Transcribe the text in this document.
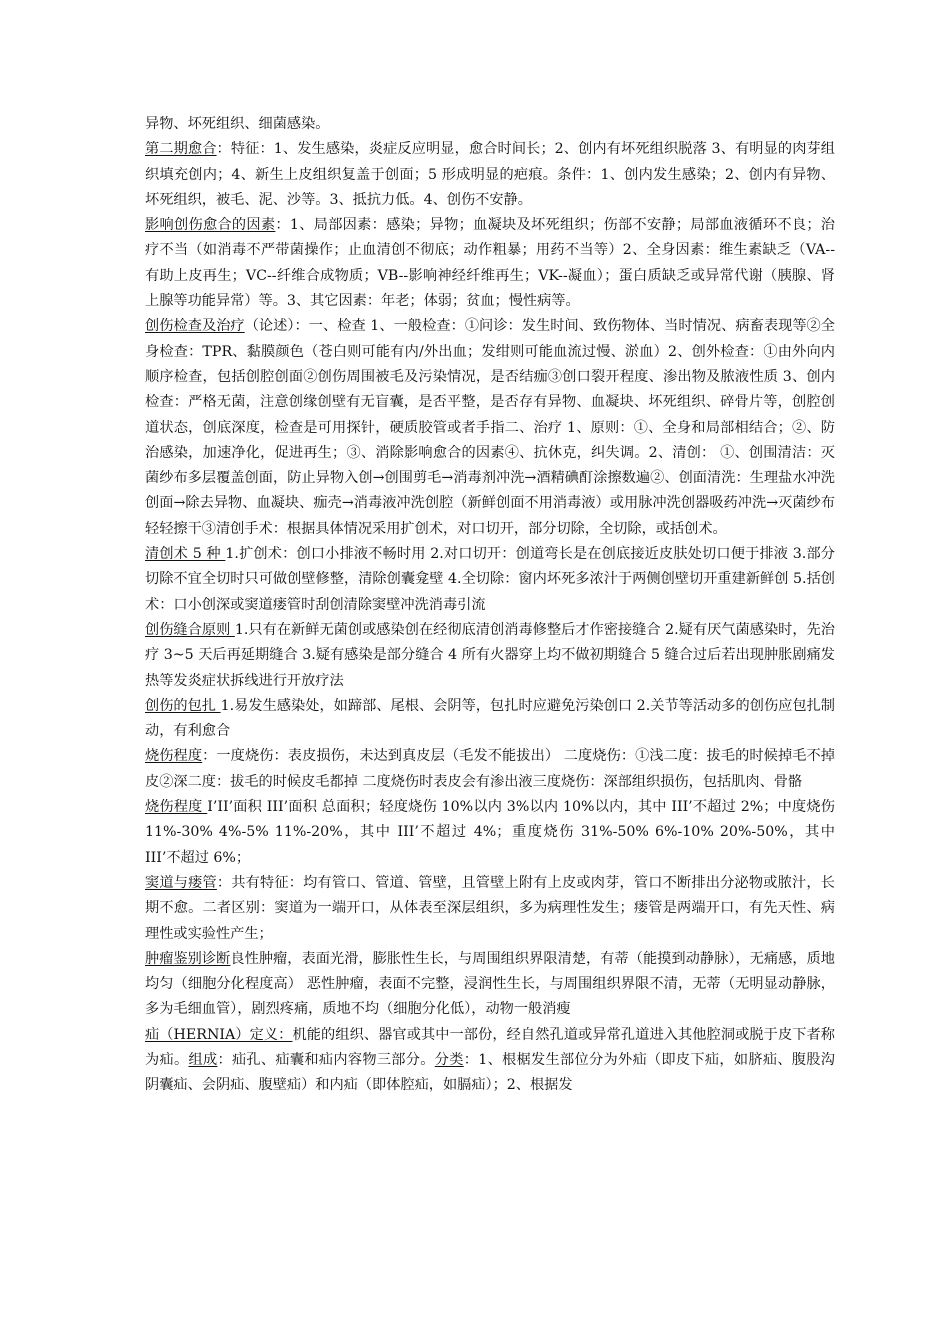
异物、坏死组织、细菌感染。

第二期愈合：特征：1、发生感染，炎症反应明显，愈合时间长；2、创内有坏死组织脱落 3、有明显的肉芽组织填充创内；4、新生上皮组织复盖于创面；5 形成明显的疤痕。条件：1、创内发生感染；2、创内有异物、坏死组织，被毛、泥、沙等。3、抵抗力低。4、创伤不安静。

影响创伤愈合的因素：1、局部因素：感染；异物；血凝块及坏死组织；伤部不安静；局部血液循环不良；治疗不当（如消毒不严带菌操作；止血清创不彻底；动作粗暴；用药不当等）2、全身因素：维生素缺乏（VA--有助上皮再生；VC--纤维合成物质；VB--影响神经纤维再生；VK--凝血）；蛋白质缺乏或异常代谢（胰腺、肾上腺等功能异常）等。3、其它因素：年老；体弱；贫血；慢性病等。

创伤检查及治疗（论述）：一、检查 1、一般检查：①问诊：发生时间、致伤物体、当时情况、病畜表现等②全身检查：TPR、黏膜颜色（苍白则可能有内/外出血；发绀则可能血流过慢、淤血）2、创外检查：①由外向内顺序检查，包括创腔创面②创伤周围被毛及污染情况，是否结痂③创口裂开程度、渗出物及脓液性质 3、创内检查：严格无菌，注意创缘创壁有无盲囊，是否平整，是否存有异物、血凝块、坏死组织、碎骨片等，创腔创道状态，创底深度，检查是可用探针，硬质胶管或者手指二、治疗 1、原则：①、全身和局部相结合；②、防治感染，加速净化，促进再生；③、消除影响愈合的因素④、抗休克，纠失调。2、清创： ①、创围清洁：灭菌纱布多层覆盖创面，防止异物入创→创围剪毛→消毒剂冲洗→酒精碘酊涂擦数遍②、创面清洗：生理盐水冲洗创面→除去异物、血凝块、痂壳→消毒液冲洗创腔（新鲜创面不用消毒液）或用脉冲洗创器吸药冲洗→灭菌纱布轻轻擦干③清创手术：根据具体情况采用扩创术，对口切开，部分切除，全切除，或括创术。

清创术 5 种 1.扩创术：创口小排液不畅时用 2.对口切开：创道弯长是在创底接近皮肤处切口便于排液 3.部分切除不宜全切时只可做创壁修整，清除创囊龛壁 4.全切除：窗内坏死多浓汁于两侧创壁切开重建新鲜创 5.括创术：口小创深或窦道瘘管时刮创清除窦壁冲洗消毒引流

创伤缝合原则 1.只有在新鲜无菌创或感染创在经彻底清创消毒修整后才作密接缝合 2.疑有厌气菌感染时，先治疗 3~5 天后再延期缝合 3.疑有感染是部分缝合 4 所有火器穿上均不做初期缝合 5 缝合过后若出现肿胀剧痛发热等发炎症状拆线进行开放疗法

创伤的包扎 1.易发生感染处，如蹄部、尾根、会阴等，包扎时应避免污染创口 2.关节等活动多的创伤应包扎制动，有利愈合

烧伤程度：一度烧伤：表皮损伤，未达到真皮层（毛发不能拔出） 二度烧伤：①浅二度：拔毛的时候掉毛不掉皮②深二度：拔毛的时候皮毛都掉 二度烧伤时表皮会有渗出液三度烧伤：深部组织损伤，包括肌肉、骨骼

烧伤程度 I’II’面积 III’面积 总面积；轻度烧伤 10%以内 3%以内 10%以内，其中 III’不超过 2%；中度烧伤 11%-30% 4%-5% 11%-20%，其中 III’不超过 4%；重度烧伤 31%-50% 6%-10% 20%-50%，其中 III’不超过 6%；

窦道与瘘管：共有特征：均有管口、管道、管壁，且管壁上附有上皮或肉芽，管口不断排出分泌物或脓汁，长期不愈。二者区别：窦道为一端开口，从体表至深层组织，多为病理性发生；瘘管是两端开口，有先天性、病理性或实验性产生；

肿瘤鉴别诊断良性肿瘤，表面光滑，膨胀性生长，与周围组织界限清楚，有蒂（能摸到动静脉），无痛感，质地均匀（细胞分化程度高） 恶性肿瘤，表面不完整，浸润性生长，与周围组织界限不清，无蒂（无明显动静脉，多为毛细血管），剧烈疼痛，质地不均（细胞分化低），动物一般消瘦

疝（HERNIA）定义：机能的组织、器官或其中一部份，经自然孔道或异常孔道进入其他腔洞或脱于皮下者称为疝。组成：疝孔、疝囊和疝内容物三部分。分类：1、根椐发生部位分为外疝（即皮下疝，如脐疝、腹股沟阴囊疝、会阴疝、腹壁疝）和内疝（即体腔疝，如膈疝）；2、根据发
